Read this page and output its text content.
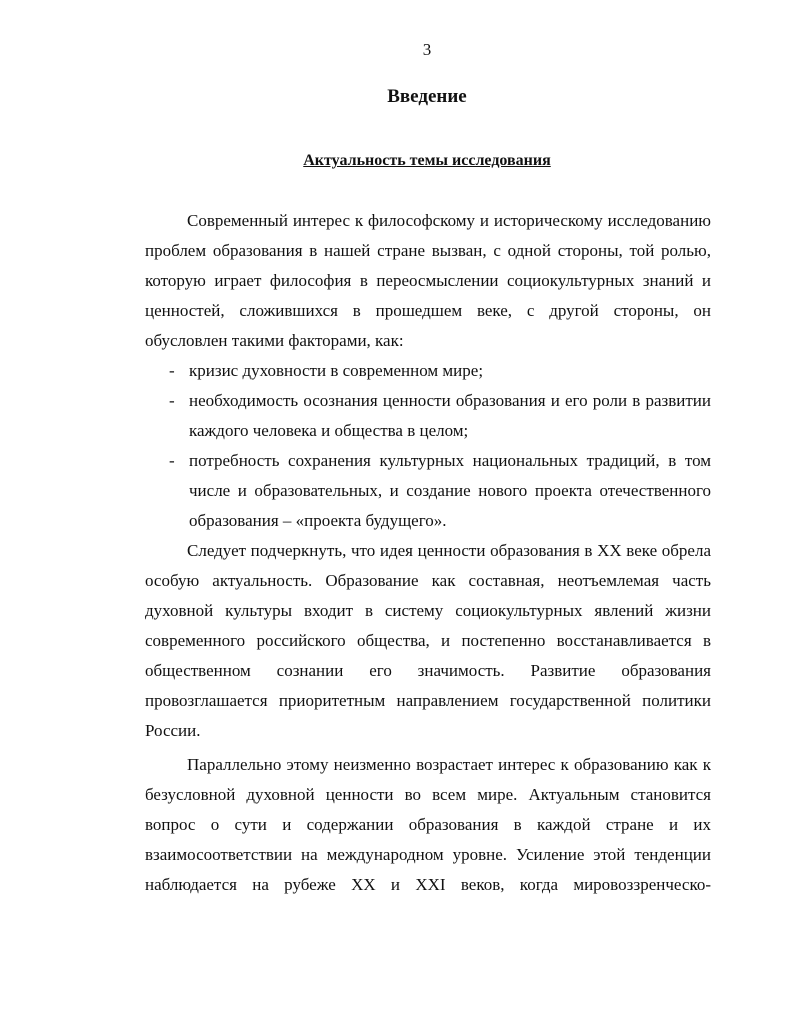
3
Введение
Актуальность темы исследования

Современный интерес к философскому и историческому исследованию проблем образования в нашей стране вызван, с одной стороны, той ролью, которую играет философия в переосмыслении социокультурных знаний и ценностей, сложившихся в прошедшем веке, с другой стороны, он обусловлен такими факторами, как:

- кризис духовности в современном мире;
- необходимость осознания ценности образования и его роли в развитии каждого человека и общества в целом;
- потребность сохранения культурных национальных традиций, в том числе и образовательных, и создание нового проекта отечественного образования – «проекта будущего».

Следует подчеркнуть, что идея ценности образования в XX веке обрела особую актуальность. Образование как составная, неотъемлемая часть духовной культуры входит в систему социокультурных явлений жизни современного российского общества, и постепенно восстанавливается в общественном сознании его значимость. Развитие образования провозглашается приоритетным направлением государственной политики России.

Параллельно этому неизменно возрастает интерес к образованию как к безусловной духовной ценности во всем мире. Актуальным становится вопрос о сути и содержании образования в каждой стране и их взаимосоответствии на международном уровне. Усиление этой тенденции наблюдается на рубеже XX и XXI веков, когда мировоззренческо-
